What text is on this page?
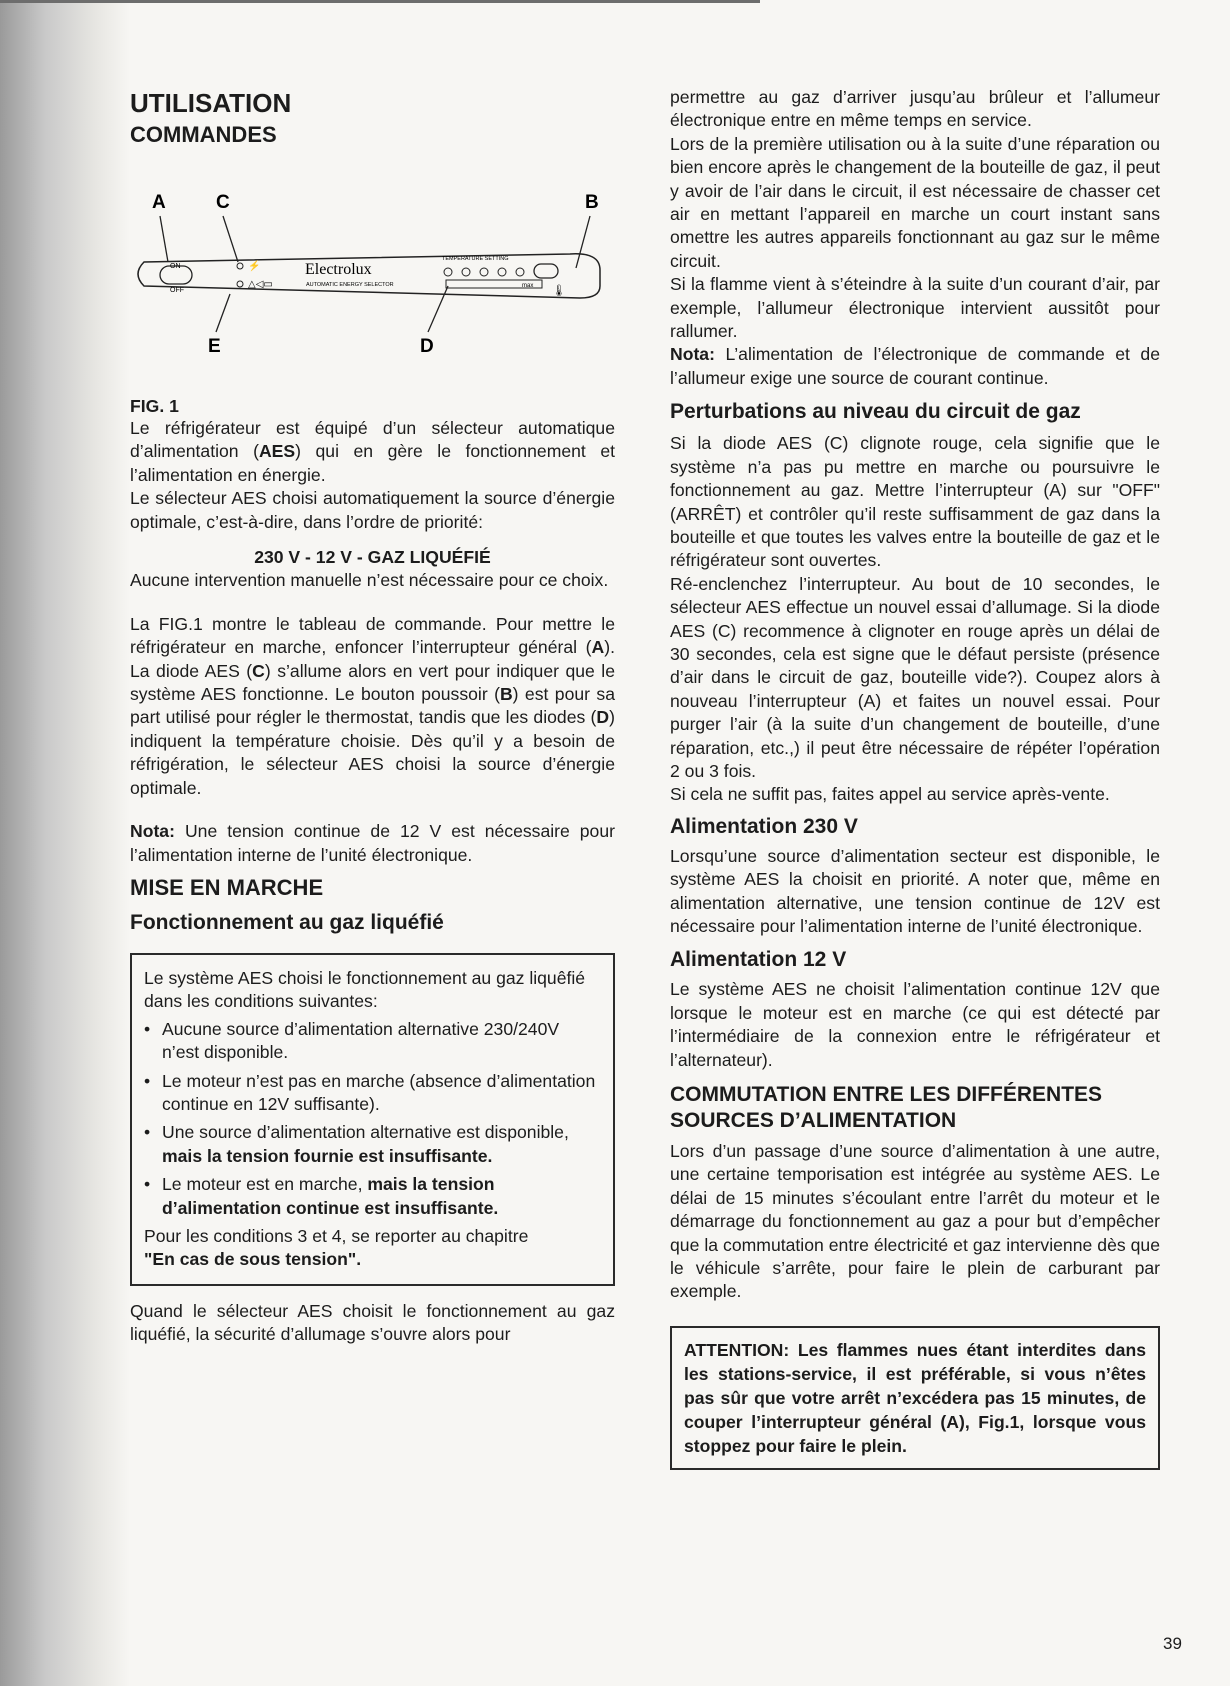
UTILISATION
COMMANDES
A	C	B
E	D
ON
OFF
⚡
△◁▭
Electrolux
AUTOMATIC ENERGY SELECTOR
TEMPERATURE SETTING
max 🌡
FIG. 1

Le réfrigérateur est équipé d’un sélecteur automatique d’alimentation (AES) qui en gère le fonctionnement et l’alimentation en énergie.

Le sélecteur AES choisi automatiquement la source d’énergie optimale, c’est-à-dire, dans l’ordre de priorité:

230 V - 12 V - GAZ LIQUÉFIÉ

Aucune intervention manuelle n’est nécessaire pour ce choix.

La FIG.1 montre le tableau de commande. Pour mettre le réfrigérateur en marche, enfoncer l’interrupteur général (A). La diode AES (C) s’allume alors en vert pour indiquer que le système AES fonctionne. Le bouton poussoir (B) est pour sa part utilisé pour régler le thermostat, tandis que les diodes (D) indiquent la température choisie. Dès qu’il y a besoin de réfrigération, le sélecteur AES choisi la source d’énergie optimale.

Nota: Une tension continue de 12 V est nécessaire pour l’alimentation interne de l’unité électronique.

MISE EN MARCHE
Fonctionnement au gaz liquéfié

Le système AES choisi le fonctionnement au gaz liquêfié dans les conditions suivantes:

• Aucune source d’alimentation alternative 230/240V n’est disponible.
• Le moteur n’est pas en marche (absence d’alimentation continue en 12V suffisante).
• Une source d’alimentation alternative est disponible, mais la tension fournie est insuffisante.
• Le moteur est en marche, mais la tension d’alimentation continue est insuffisante.

Pour les conditions 3 et 4, se reporter au chapitre
"En cas de sous tension".

Quand le sélecteur AES choisit le fonctionnement au gaz liquéfié, la sécurité d’allumage s’ouvre alors pour

permettre au gaz d’arriver jusqu’au brûleur et l’allumeur électronique entre en même temps en service.

Lors de la première utilisation ou à la suite d’une réparation ou bien encore après le changement de la bouteille de gaz, il peut y avoir de l’air dans le circuit, il est nécessaire de chasser cet air en mettant l’appareil en marche un court instant sans omettre les autres appareils fonctionnant au gaz sur le même circuit.

Si la flamme vient à s’éteindre à la suite d’un courant d’air, par exemple, l’allumeur électronique intervient aussitôt pour rallumer.

Nota: L’alimentation de l’électronique de commande et de l’allumeur exige une source de courant continue.

Perturbations au niveau du circuit de gaz

Si la diode AES (C) clignote rouge, cela signifie que le système n’a pas pu mettre en marche ou poursuivre le fonctionnement au gaz. Mettre l’interrupteur (A) sur "OFF" (ARRÊT) et contrôler qu’il reste suffisamment de gaz dans la bouteille et que toutes les valves entre la bouteille de gaz et le réfrigérateur sont ouvertes.

Ré-enclenchez l’interrupteur. Au bout de 10 secondes, le sélecteur AES effectue un nouvel essai d’allumage. Si la diode AES (C) recommence à clignoter en rouge après un délai de 30 secondes, cela est signe que le défaut persiste (présence d’air dans le circuit de gaz, bouteille vide?). Coupez alors à nouveau l’interrupteur (A) et faites un nouvel essai. Pour purger l’air (à la suite d’un changement de bouteille, d’une réparation, etc.,) il peut être nécessaire de répéter l’opération 2 ou 3 fois.

Si cela ne suffit pas, faites appel au service après-vente.

Alimentation 230 V

Lorsqu’une source d’alimentation secteur est disponible, le système AES la choisit en priorité. A noter que, même en alimentation alternative, une tension continue de 12V est nécessaire pour l’alimentation interne de l’unité électronique.

Alimentation 12 V

Le système AES ne choisit l’alimentation continue 12V que lorsque le moteur est en marche (ce qui est détecté par l’intermédiaire de la connexion entre le réfrigérateur et l’alternateur).

COMMUTATION ENTRE LES DIFFÉRENTES SOURCES D’ALIMENTATION

Lors d’un passage d’une source d’alimentation à une autre, une certaine temporisation est intégrée au système AES. Le délai de 15 minutes s’écoulant entre l’arrêt du moteur et le démarrage du fonctionnement au gaz a pour but d’empêcher que la commutation entre électricité et gaz intervienne dès que le véhicule s’arrête, pour faire le plein de carburant par exemple.

ATTENTION: Les flammes nues étant interdites dans les stations-service, il est préférable, si vous n’êtes pas sûr que votre arrêt n’excédera pas 15 minutes, de couper l’interrupteur général (A), Fig.1, lorsque vous stoppez pour faire le plein.

39
